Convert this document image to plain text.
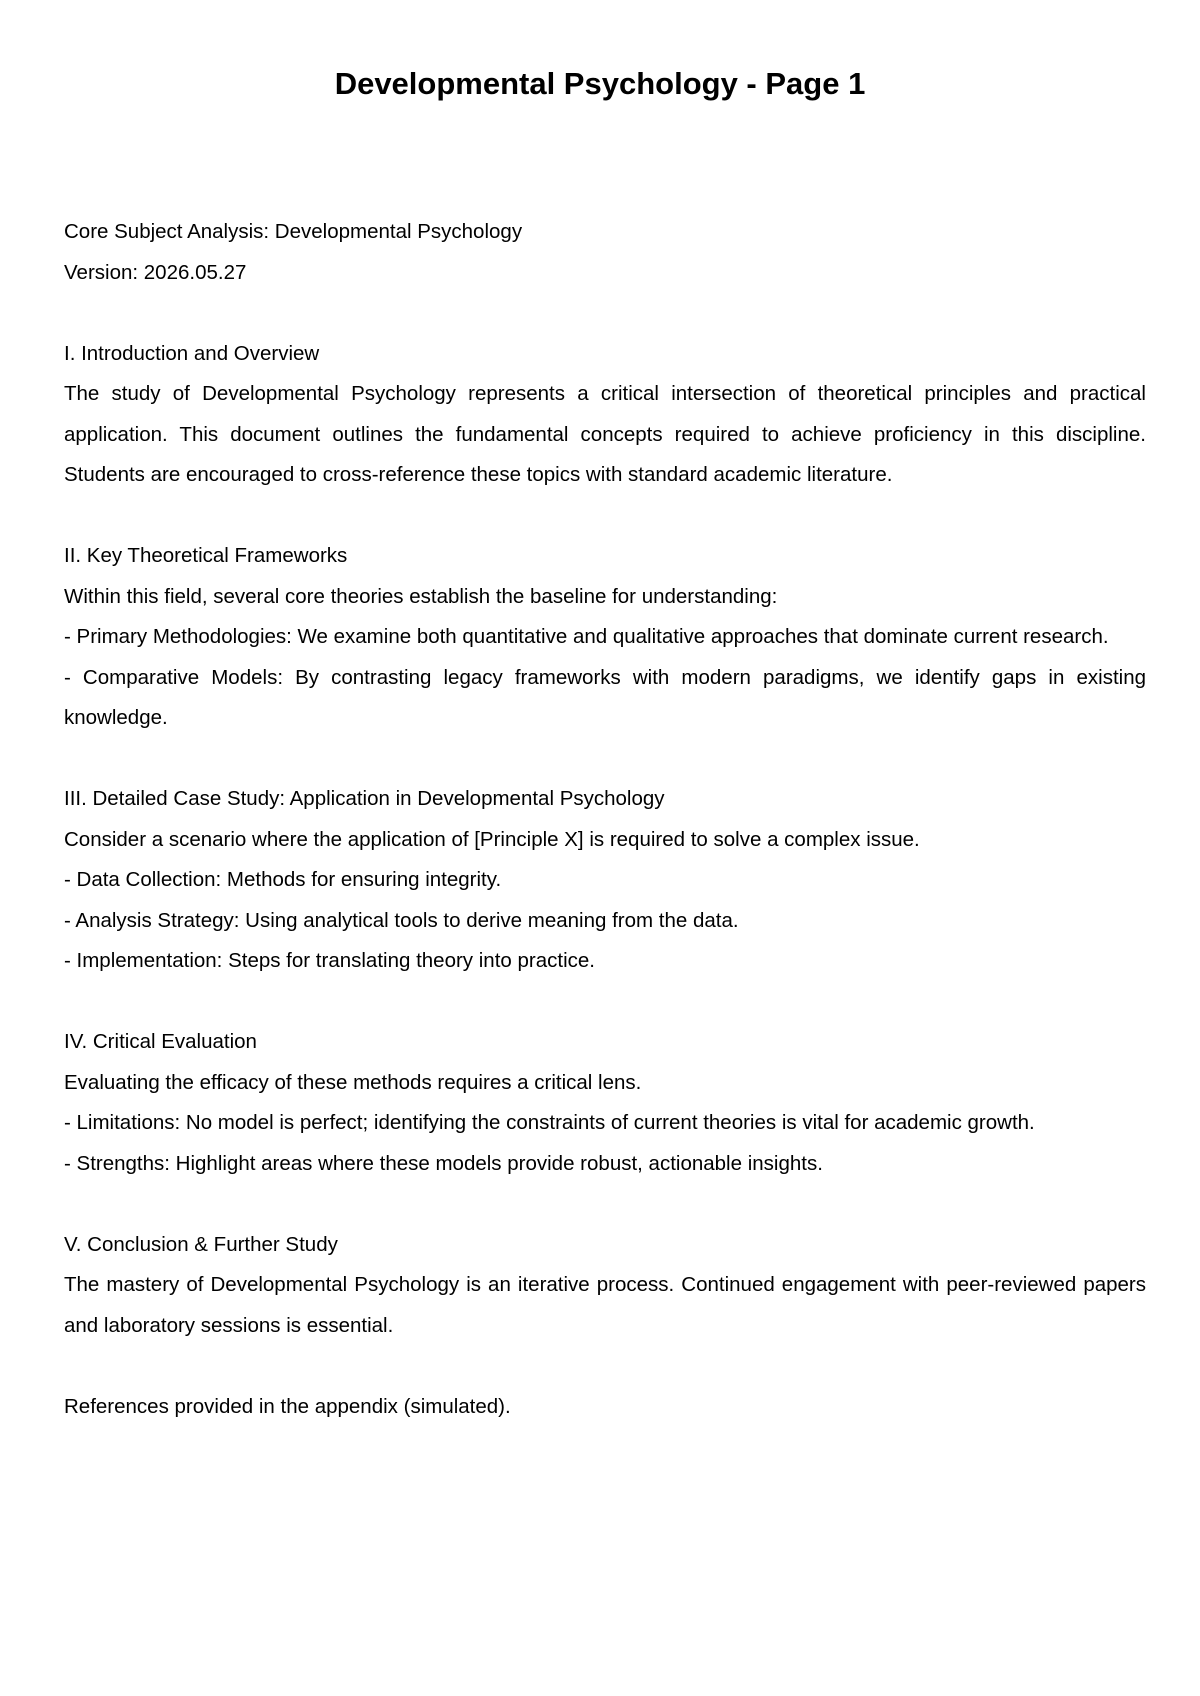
Developmental Psychology - Page 1

Core Subject Analysis: Developmental Psychology

Version: 2026.05.27

I. Introduction and Overview

The study of Developmental Psychology represents a critical intersection of theoretical principles and practical application. This document outlines the fundamental concepts required to achieve proficiency in this discipline. Students are encouraged to cross-reference these topics with standard academic literature.

II. Key Theoretical Frameworks

Within this field, several core theories establish the baseline for understanding:

- Primary Methodologies: We examine both quantitative and qualitative approaches that dominate current research.

- Comparative Models: By contrasting legacy frameworks with modern paradigms, we identify gaps in existing knowledge.

III. Detailed Case Study: Application in Developmental Psychology

Consider a scenario where the application of [Principle X] is required to solve a complex issue.

- Data Collection: Methods for ensuring integrity.

- Analysis Strategy: Using analytical tools to derive meaning from the data.

- Implementation: Steps for translating theory into practice.

IV. Critical Evaluation

Evaluating the efficacy of these methods requires a critical lens.

- Limitations: No model is perfect; identifying the constraints of current theories is vital for academic growth.

- Strengths: Highlight areas where these models provide robust, actionable insights.

V. Conclusion & Further Study

The mastery of Developmental Psychology is an iterative process. Continued engagement with peer-reviewed papers and laboratory sessions is essential.

References provided in the appendix (simulated).
